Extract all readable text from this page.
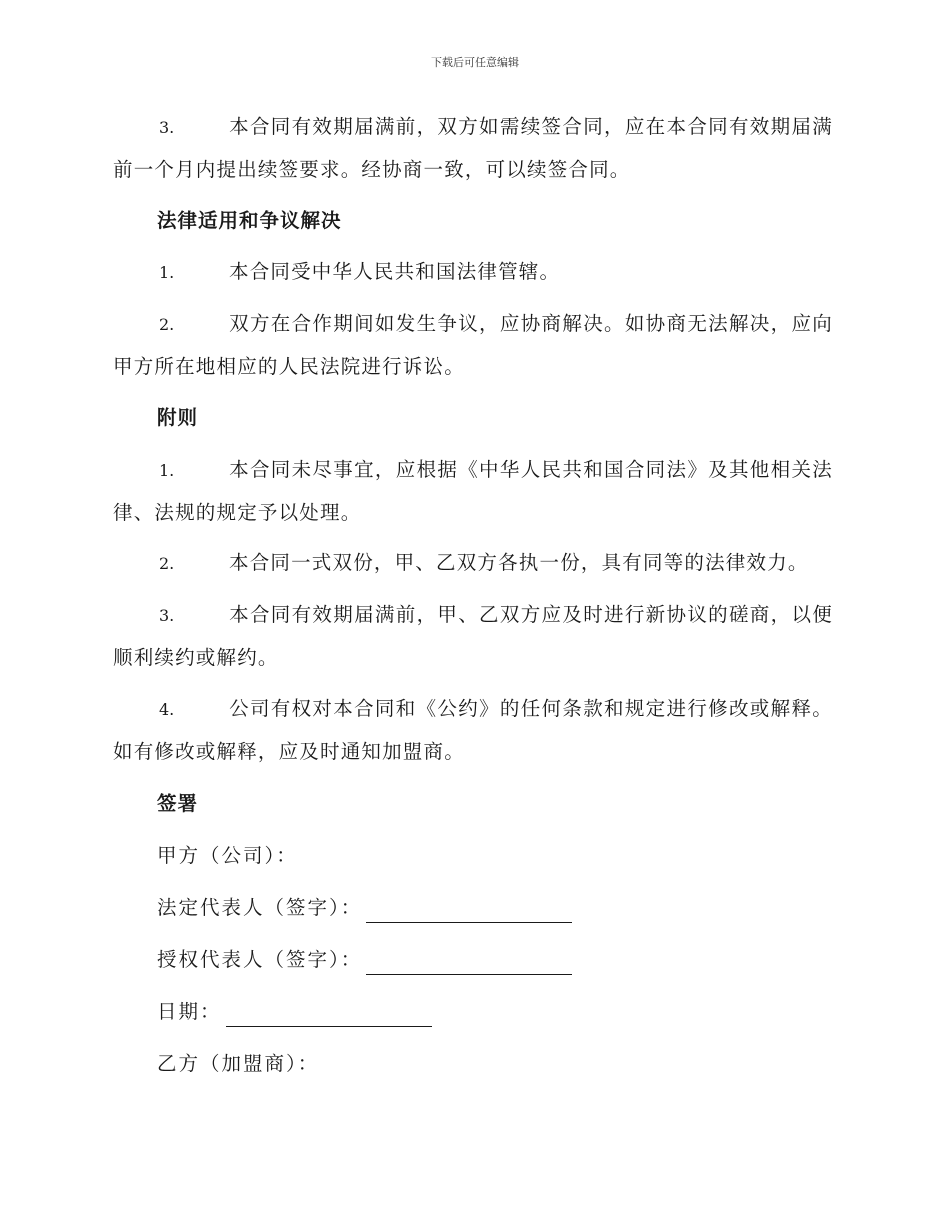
下载后可任意编辑

3.	本合同有效期届满前，双方如需续签合同，应在本合同有效期届满前一个月内提出续签要求。经协商一致，可以续签合同。

法律适用和争议解决

1.	本合同受中华人民共和国法律管辖。

2.	双方在合作期间如发生争议，应协商解决。如协商无法解决，应向甲方所在地相应的人民法院进行诉讼。

附则

1.	本合同未尽事宜，应根据《中华人民共和国合同法》及其他相关法律、法规的规定予以处理。

2.	本合同一式双份，甲、乙双方各执一份，具有同等的法律效力。

3.	本合同有效期届满前，甲、乙双方应及时进行新协议的磋商，以便顺利续约或解约。

4.	公司有权对本合同和《公约》的任何条款和规定进行修改或解释。如有修改或解释，应及时通知加盟商。

签署

甲方（公司）：

法定代表人（签字）：

授权代表人（签字）：

日期：

乙方（加盟商）：
